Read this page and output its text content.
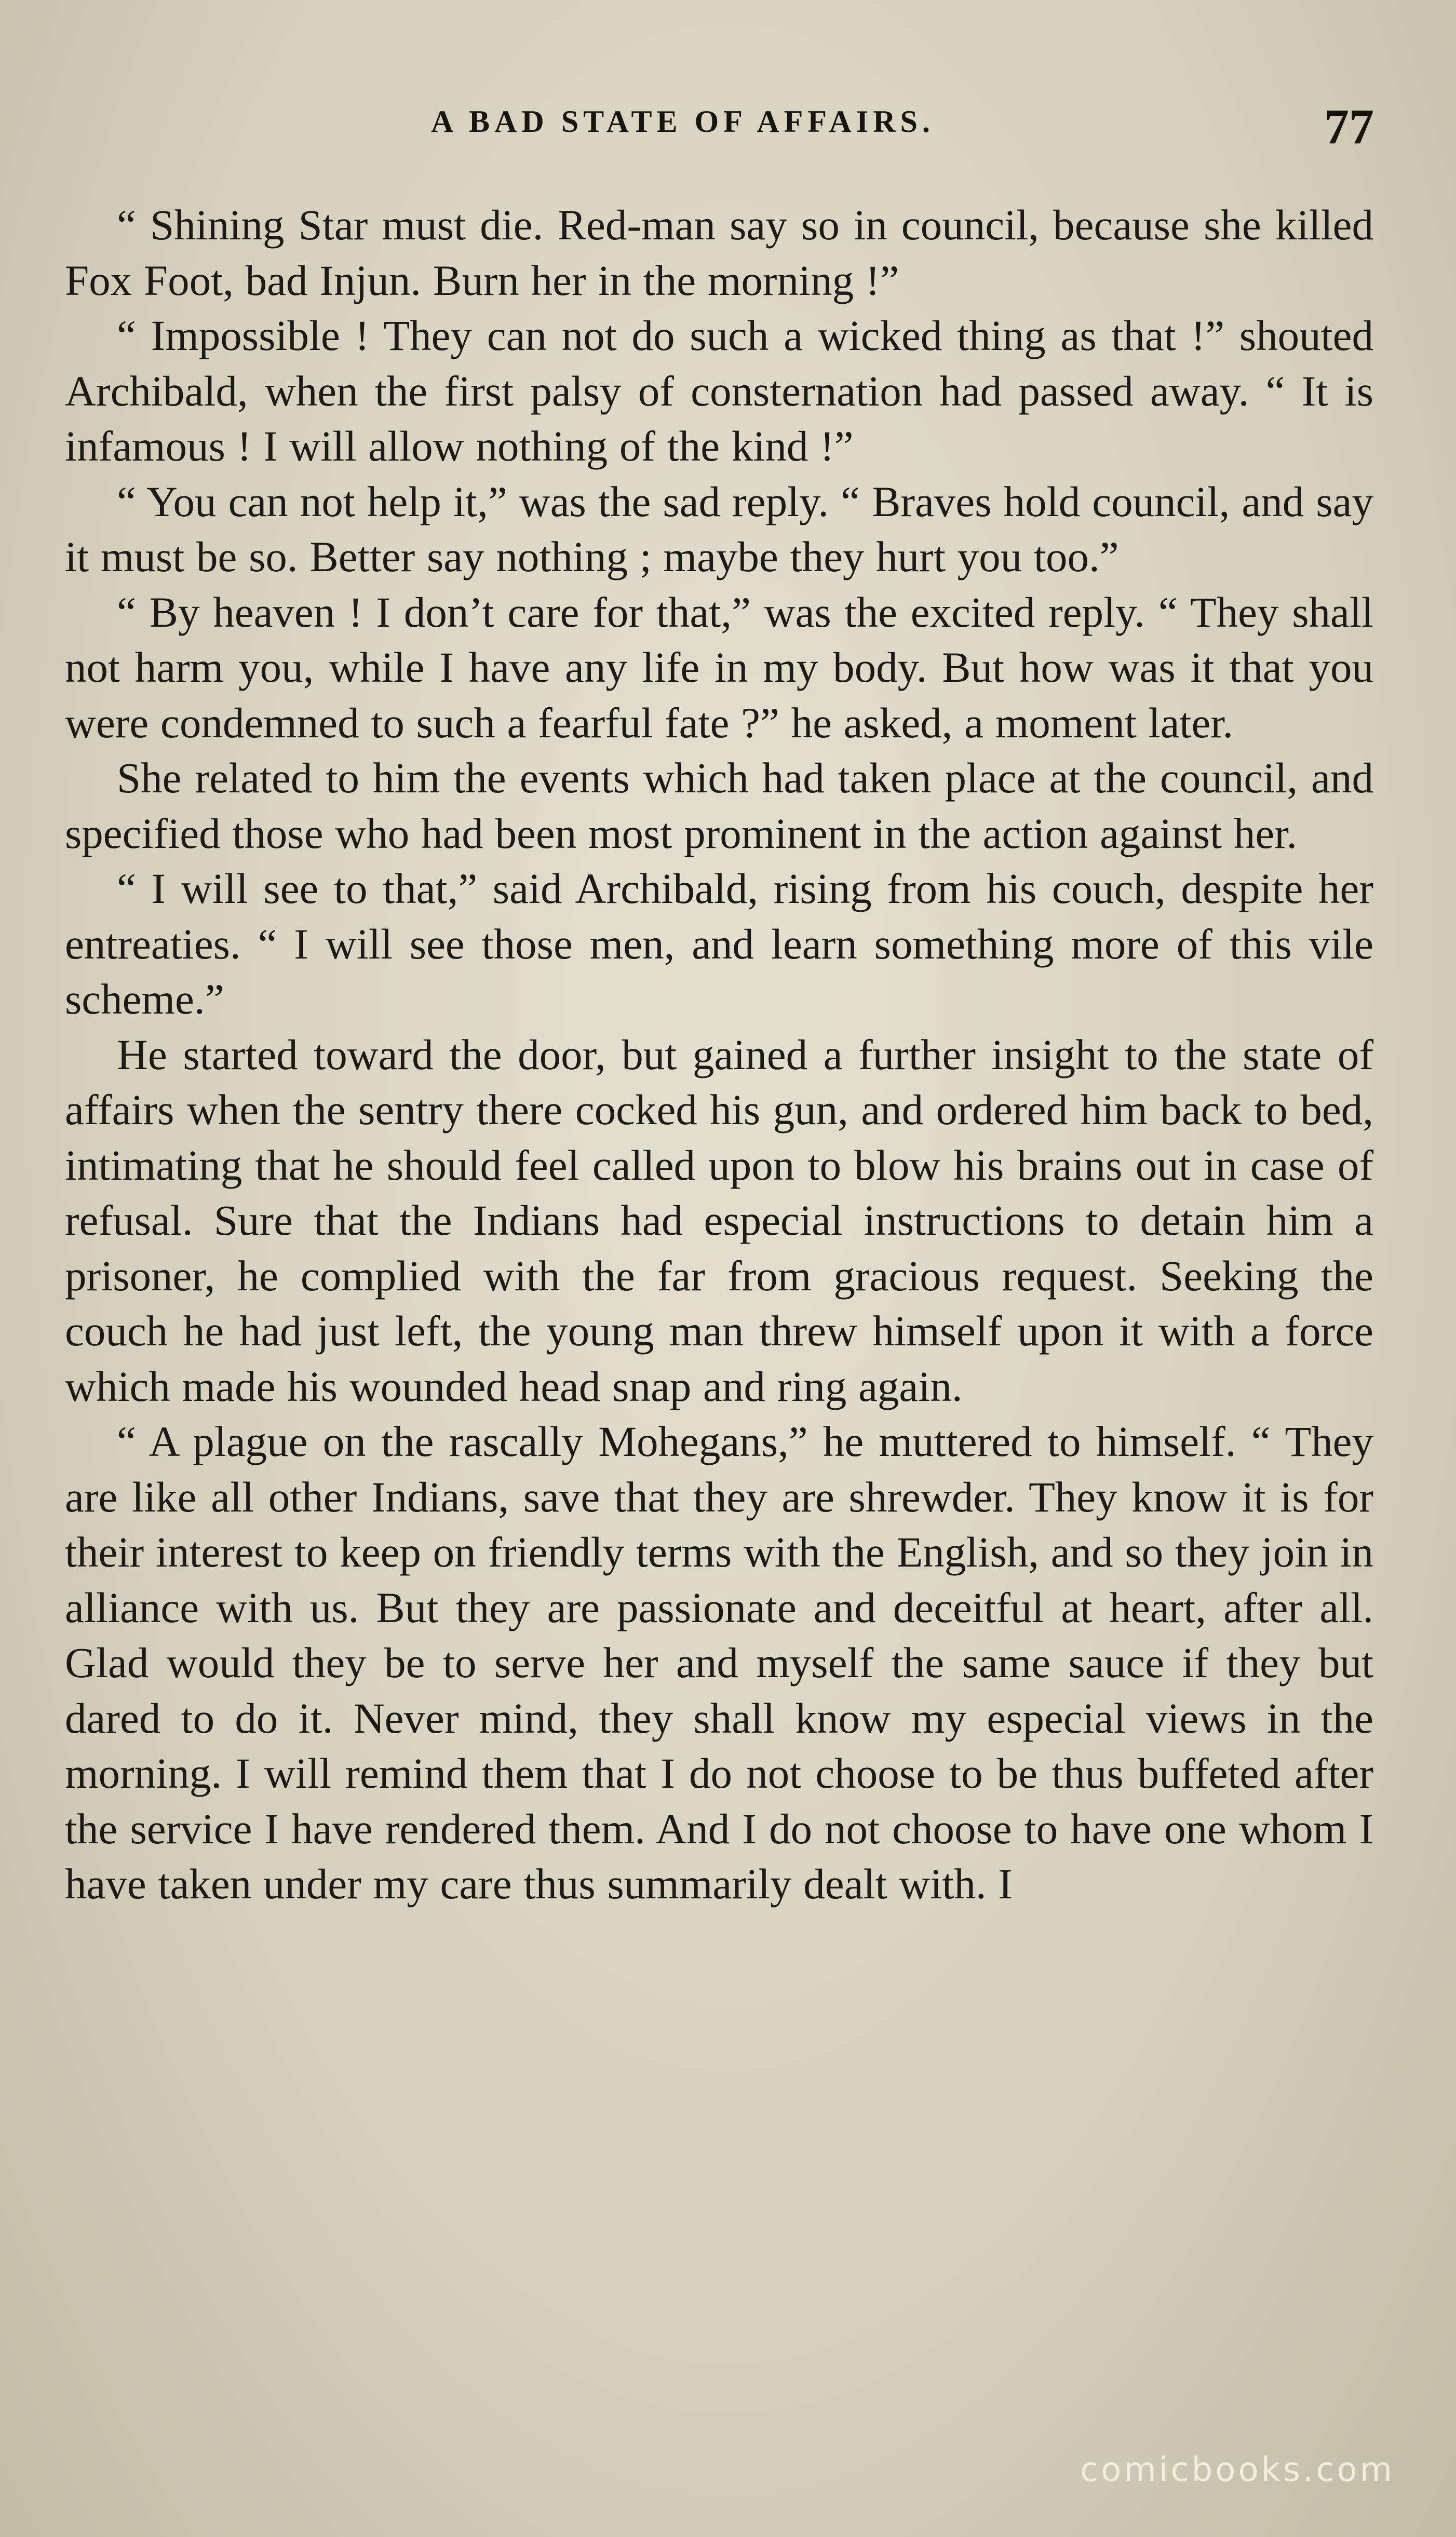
A BAD STATE OF AFFAIRS.	77

“ Shining Star must die. Red-man say so in council, because she killed Fox Foot, bad Injun. Burn her in the morning !”

“ Impossible ! They can not do such a wicked thing as that !” shouted Archibald, when the first palsy of consternation had passed away. “ It is infamous ! I will allow nothing of the kind !”

“ You can not help it,” was the sad reply. “ Braves hold council, and say it must be so. Better say nothing ; maybe they hurt you too.”

“ By heaven ! I don’t care for that,” was the excited reply. “ They shall not harm you, while I have any life in my body. But how was it that you were condemned to such a fearful fate ?” he asked, a moment later.

She related to him the events which had taken place at the council, and specified those who had been most prominent in the action against her.

“ I will see to that,” said Archibald, rising from his couch, despite her entreaties. “ I will see those men, and learn something more of this vile scheme.”

He started toward the door, but gained a further insight to the state of affairs when the sentry there cocked his gun, and ordered him back to bed, intimating that he should feel called upon to blow his brains out in case of refusal. Sure that the Indians had especial instructions to detain him a prisoner, he complied with the far from gracious request. Seeking the couch he had just left, the young man threw himself upon it with a force which made his wounded head snap and ring again.

“ A plague on the rascally Mohegans,” he muttered to himself. “ They are like all other Indians, save that they are shrewder. They know it is for their interest to keep on friendly terms with the English, and so they join in alliance with us. But they are passionate and deceitful at heart, after all. Glad would they be to serve her and myself the same sauce if they but dared to do it. Never mind, they shall know my especial views in the morning. I will remind them that I do not choose to be thus buffeted after the service I have rendered them. And I do not choose to have one whom I have taken under my care thus summarily dealt with. I

comicbooks.com
